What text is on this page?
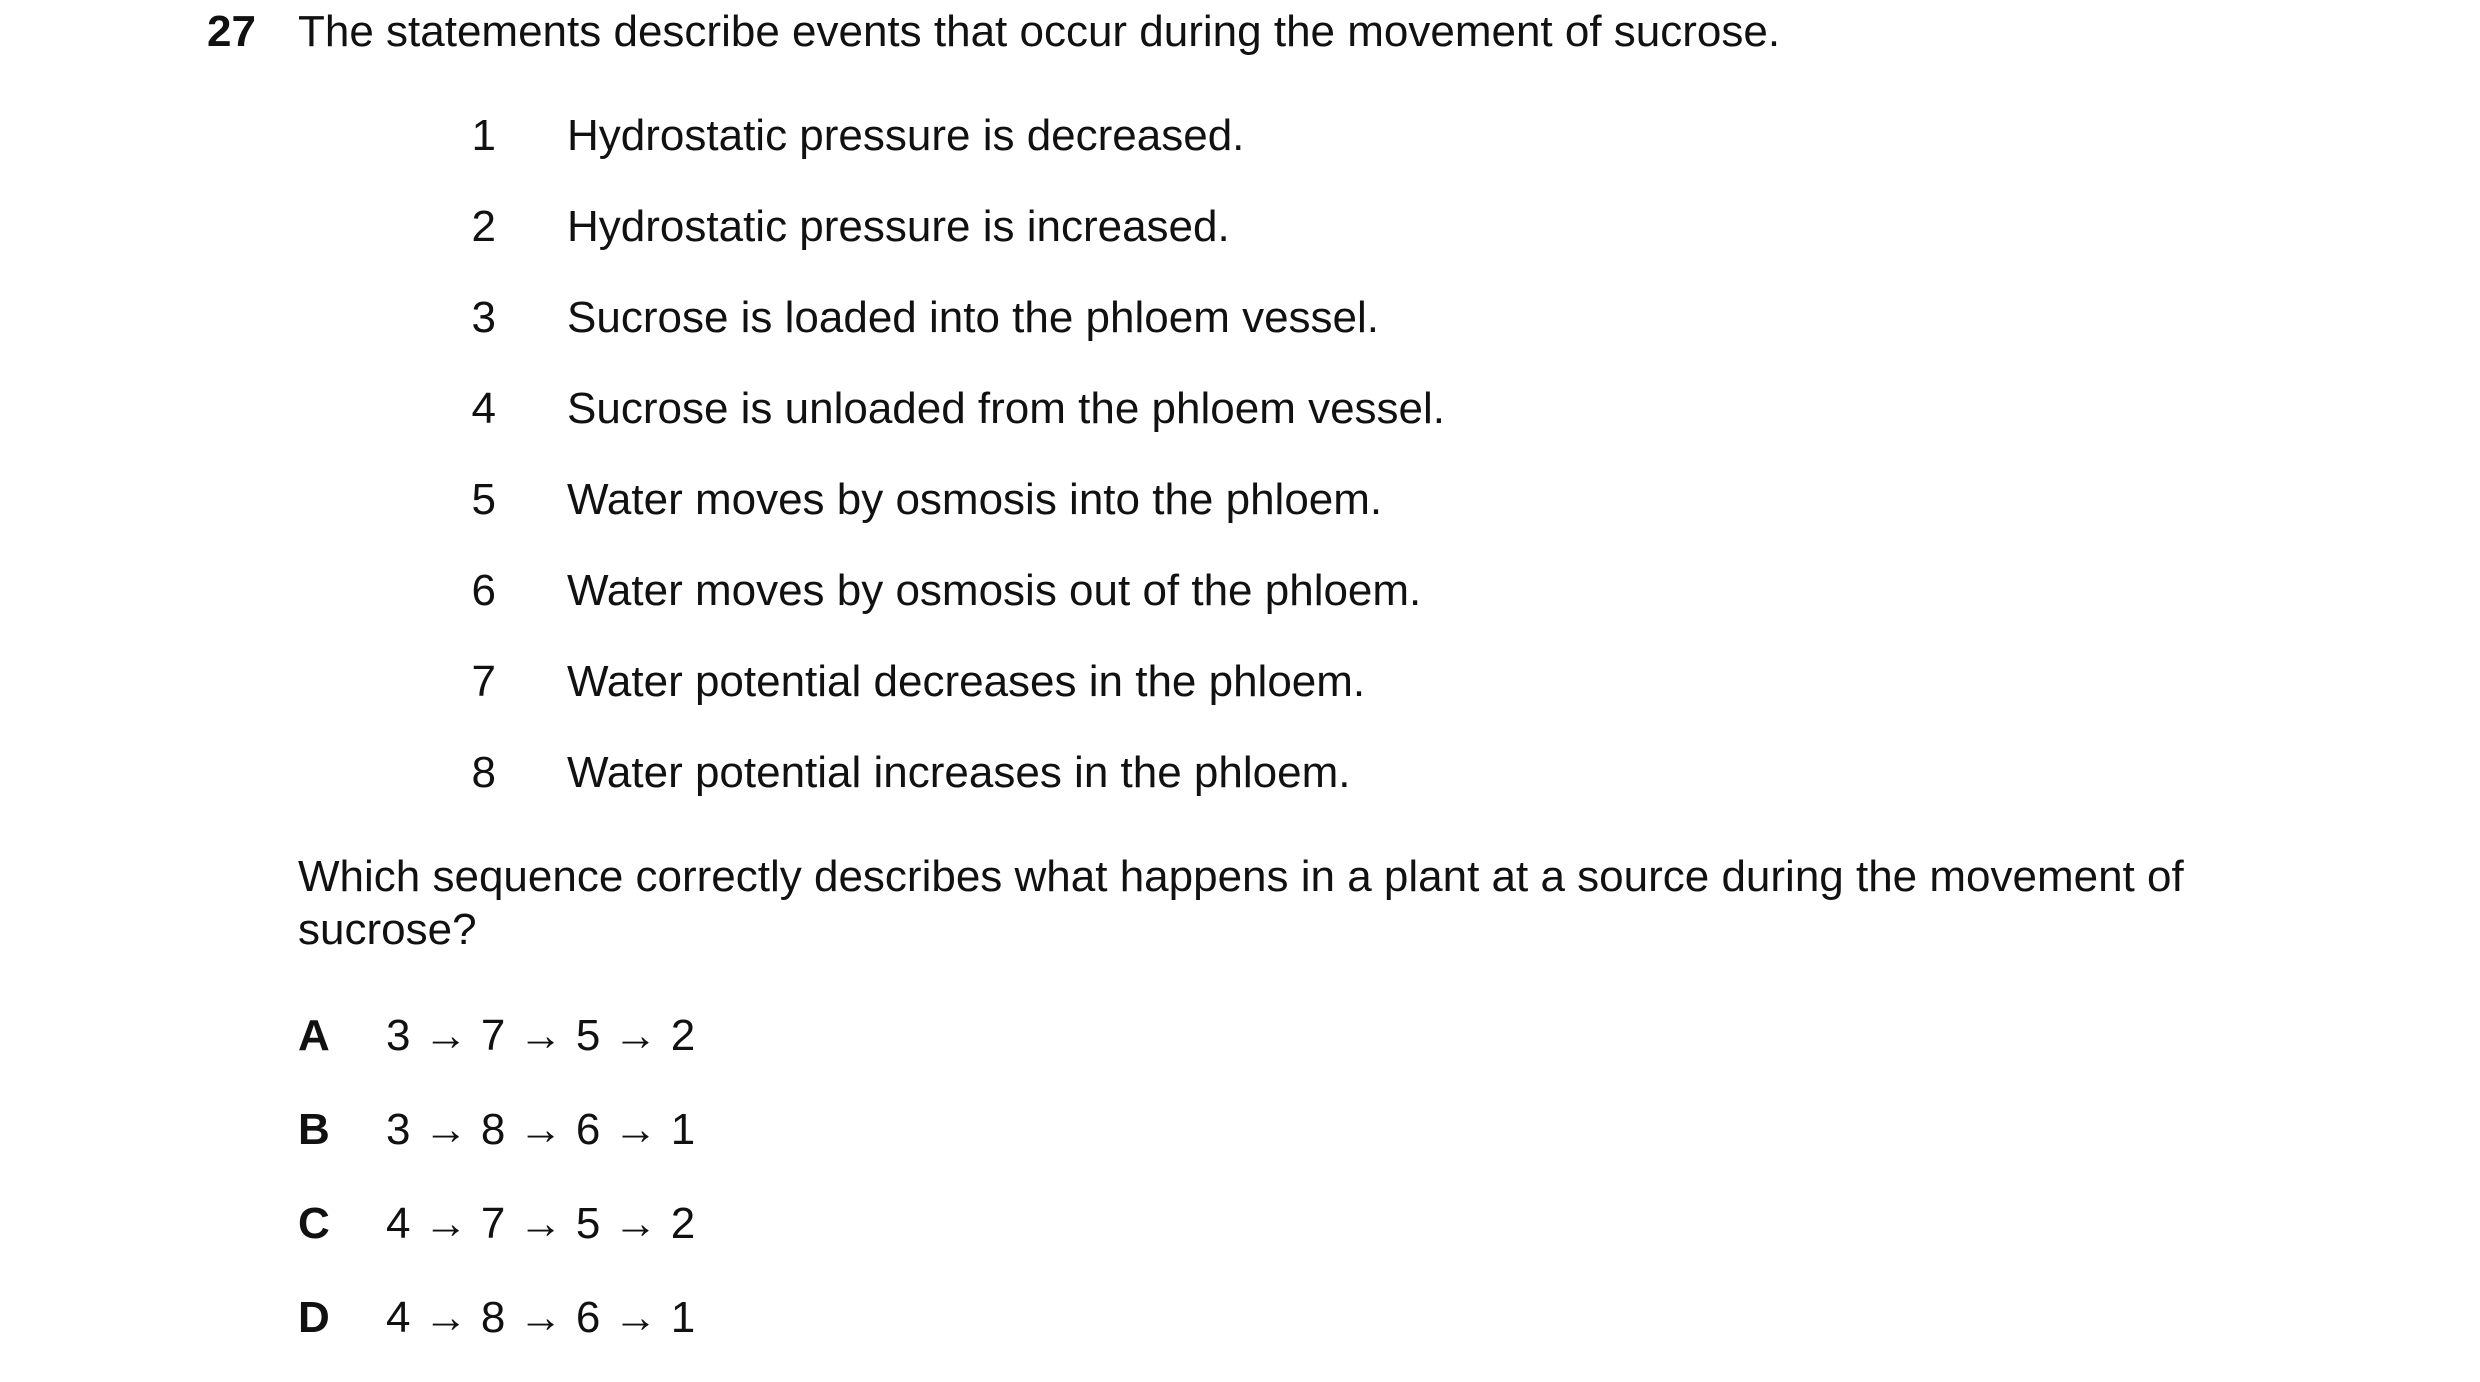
27 The statements describe events that occur during the movement of sucrose.
1 Hydrostatic pressure is decreased.
2 Hydrostatic pressure is increased.
3 Sucrose is loaded into the phloem vessel.
4 Sucrose is unloaded from the phloem vessel.
5 Water moves by osmosis into the phloem.
6 Water moves by osmosis out of the phloem.
7 Water potential decreases in the phloem.
8 Water potential increases in the phloem.
Which sequence correctly describes what happens in a plant at a source during the movement of sucrose?
A	3 → 7 → 5 → 2
B	3 → 8 → 6 → 1
C	4 → 7 → 5 → 2
D	4 → 8 → 6 → 1
